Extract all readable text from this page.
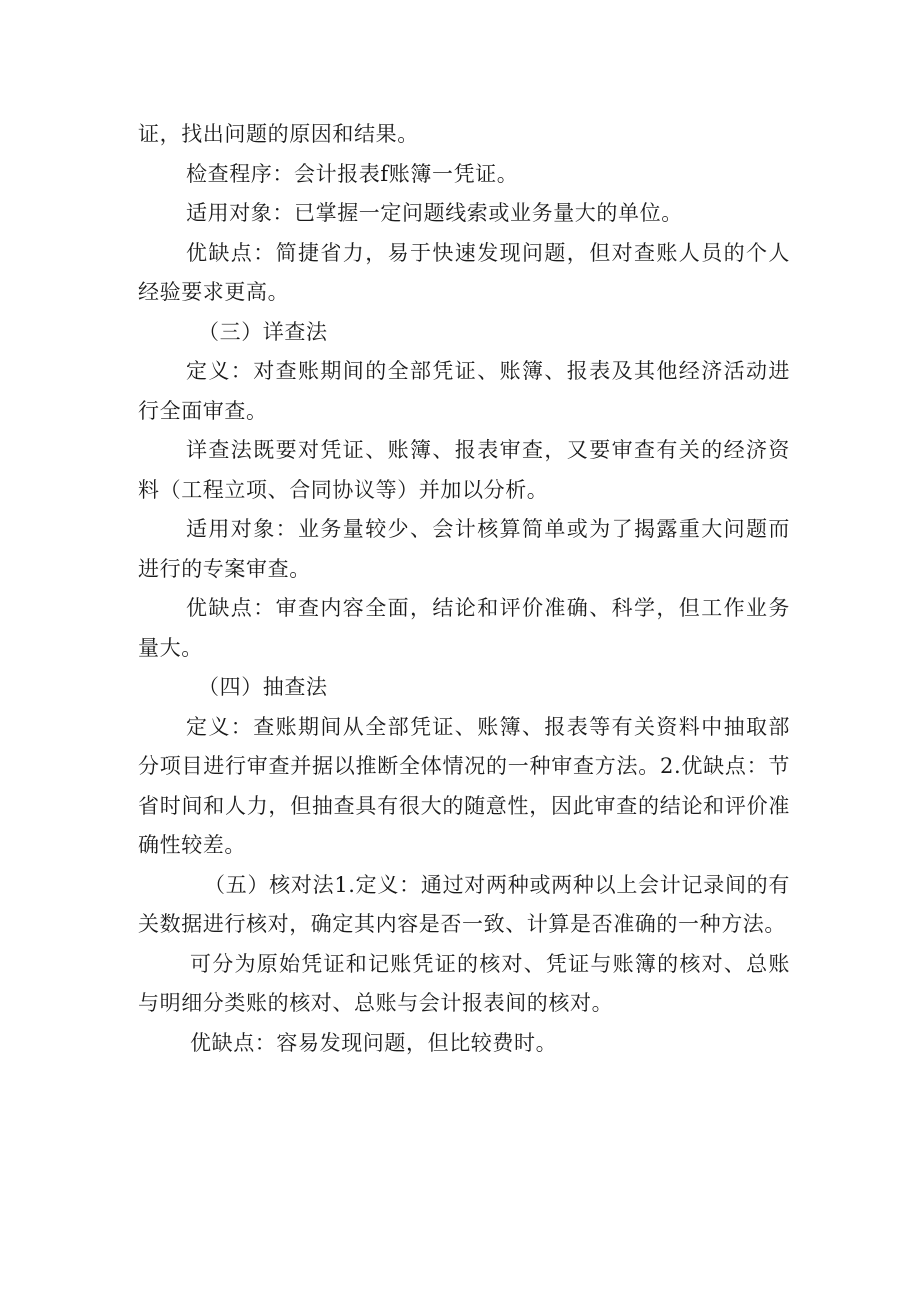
证，找出问题的原因和结果。

检查程序：会计报表f账簿一凭证。

适用对象：已掌握一定问题线索或业务量大的单位。

优缺点：简捷省力，易于快速发现问题，但对查账人员的个人经验要求更高。

（三）详查法

定义：对查账期间的全部凭证、账簿、报表及其他经济活动进行全面审查。

详查法既要对凭证、账簿、报表审查，又要审查有关的经济资料（工程立项、合同协议等）并加以分析。

适用对象：业务量较少、会计核算简单或为了揭露重大问题而进行的专案审查。

优缺点：审查内容全面，结论和评价准确、科学，但工作业务量大。

（四）抽查法

定义：查账期间从全部凭证、账簿、报表等有关资料中抽取部分项目进行审查并据以推断全体情况的一种审查方法。2.优缺点：节省时间和人力，但抽查具有很大的随意性，因此审查的结论和评价准确性较差。

（五）核对法1.定义：通过对两种或两种以上会计记录间的有关数据进行核对，确定其内容是否一致、计算是否准确的一种方法。

可分为原始凭证和记账凭证的核对、凭证与账簿的核对、总账与明细分类账的核对、总账与会计报表间的核对。

优缺点：容易发现问题，但比较费时。
